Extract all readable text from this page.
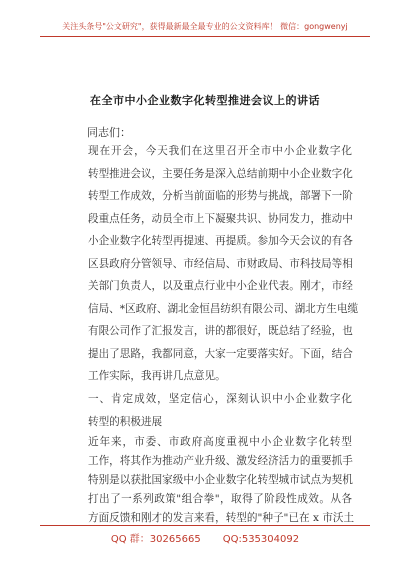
关注头条号"公文研究"，获得最新最全最专业的公文资料库！ 微信：gongwenyj
在全市中小企业数字化转型推进会议上的讲话
同志们：
现在开会，今天我们在这里召开全市中小企业数字化
转型推进会议，主要任务是深入总结前期中小企业数字化
转型工作成效，分析当前面临的形势与挑战，部署下一阶
段重点任务，动员全市上下凝聚共识、协同发力，推动中
小企业数字化转型再提速、再提质。参加今天会议的有各
区县政府分管领导、市经信局、市财政局、市科技局等相
关部门负责人，以及重点行业中小企业代表。刚才，市经
信局、*区政府、湖北金恒昌纺织有限公司、湖北方生电缆
有限公司作了汇报发言，讲的都很好，既总结了经验，也
提出了思路，我都同意，大家一定要落实好。下面，结合
工作实际，我再讲几点意见。
一、肯定成效，坚定信心，深刻认识中小企业数字化
转型的积极进展
近年来，市委、市政府高度重视中小企业数字化转型
工作，将其作为推动产业升级、激发经济活力的重要抓手
特别是以获批国家级中小企业数字化转型城市试点为契机
打出了一系列政策"组合拳"，取得了阶段性成效。从各
方面反馈和刚才的发言来看，转型的"种子"已在 x 市沃土
QQ 群：30265665 QQ:535304092
